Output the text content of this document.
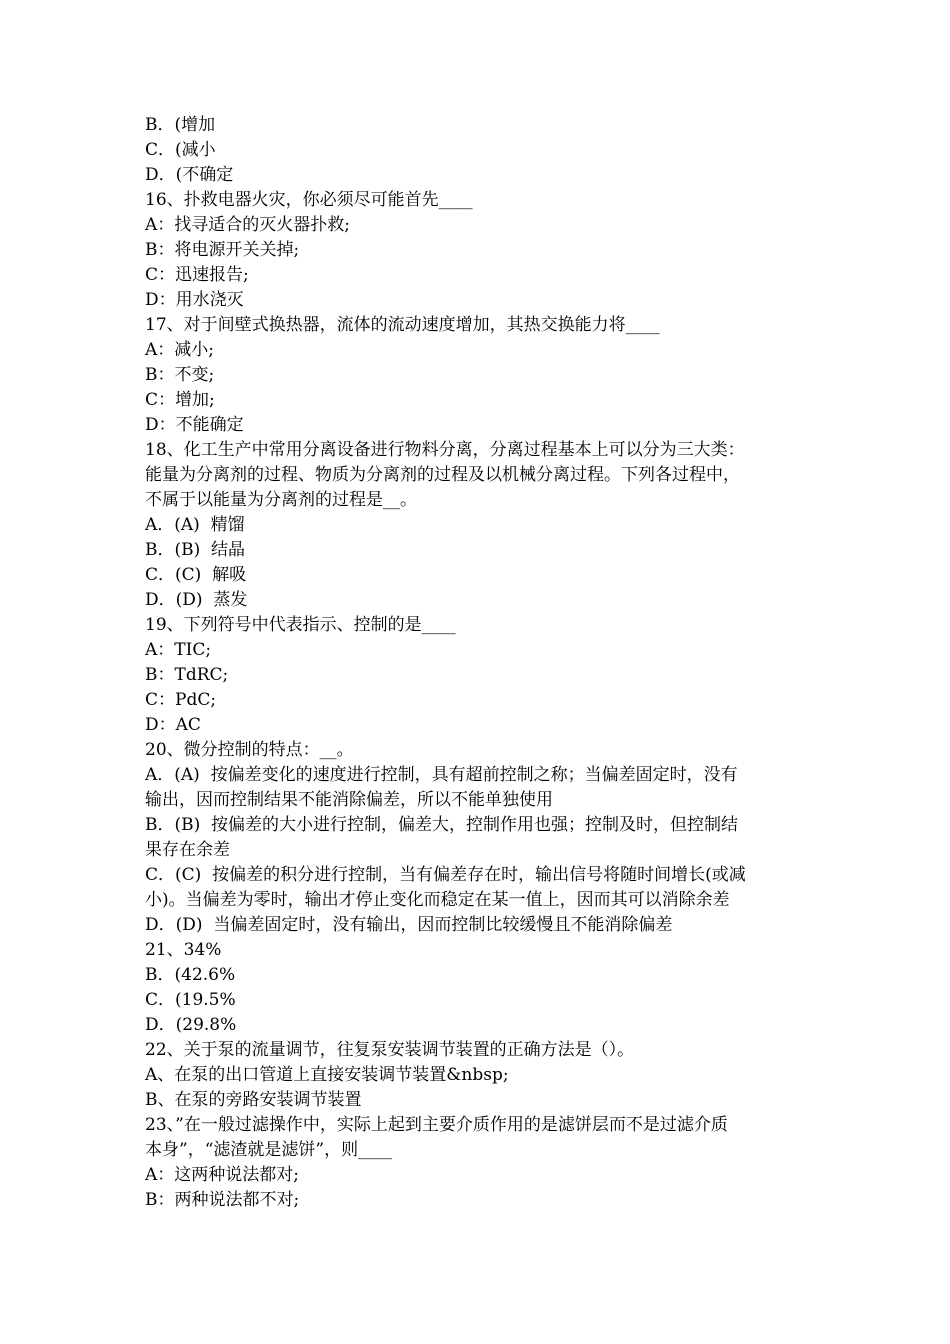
B．(增加
C．(减小
D．(不确定
16、扑救电器火灾，你必须尽可能首先____
A：找寻适合的灭火器扑救;
B：将电源开关关掉;
C：迅速报告;
D：用水浇灭
17、对于间壁式换热器，流体的流动速度增加，其热交换能力将____
A：减小;
B：不变;
C：增加;
D：不能确定
18、化工生产中常用分离设备进行物料分离，分离过程基本上可以分为三大类：
能量为分离剂的过程、物质为分离剂的过程及以机械分离过程。下列各过程中，
不属于以能量为分离剂的过程是__。
A．(A)  精馏
B．(B)  结晶
C．(C)  解吸
D．(D)  蒸发
19、下列符号中代表指示、控制的是____
A：TIC;
B：TdRC;
C：PdC;
D：AC
20、微分控制的特点：__。
A．(A)  按偏差变化的速度进行控制，具有超前控制之称；当偏差固定时，没有
输出，因而控制结果不能消除偏差，所以不能单独使用
B．(B)  按偏差的大小进行控制，偏差大，控制作用也强；控制及时，但控制结
果存在余差
C．(C)  按偏差的积分进行控制，当有偏差存在时，输出信号将随时间增长(或减
小)。当偏差为零时，输出才停止变化而稳定在某一值上，因而其可以消除余差
D．(D)  当偏差固定时，没有输出，因而控制比较缓慢且不能消除偏差
21、34%
B．(42.6%
C．(19.5%
D．(29.8%
22、关于泵的流量调节，往复泵安装调节装置的正确方法是（）。
A、在泵的出口管道上直接安装调节装置&nbsp;
B、在泵的旁路安装调节装置
23、”在一般过滤操作中，实际上起到主要介质作用的是滤饼层而不是过滤介质
本身”，“滤渣就是滤饼”，则____
A：这两种说法都对;
B：两种说法都不对;
